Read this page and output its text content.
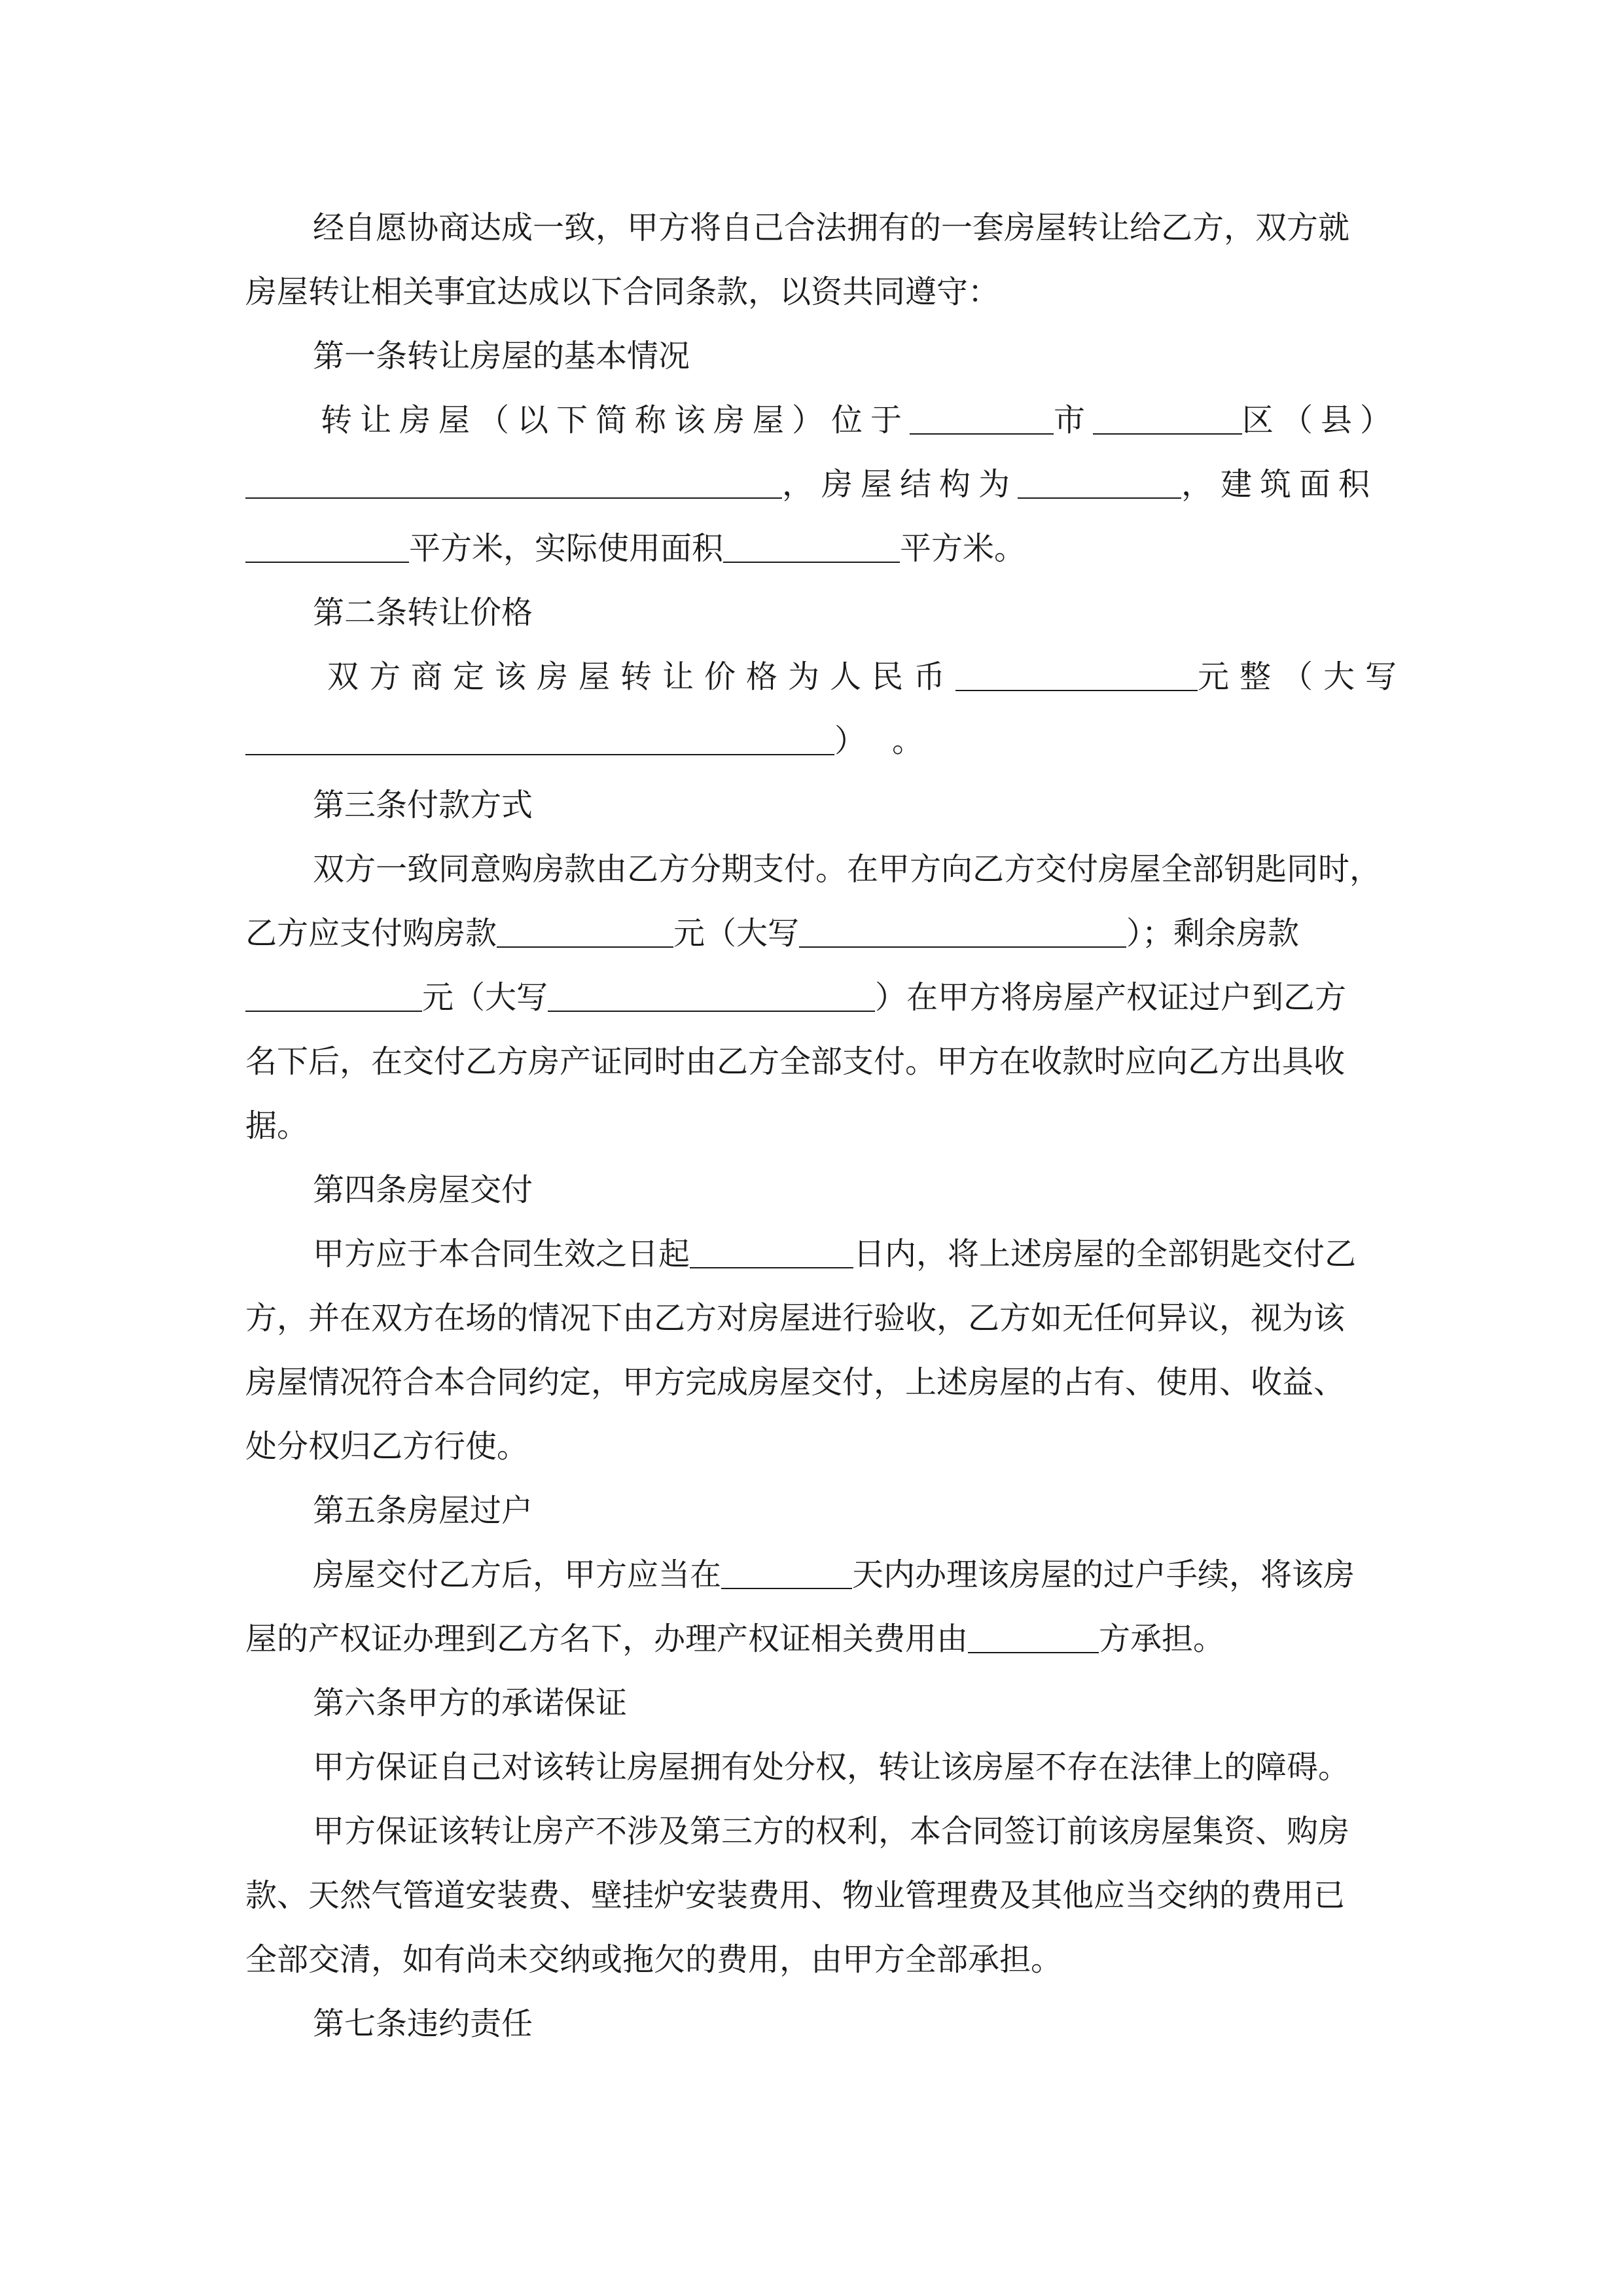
经自愿协商达成一致，甲方将自己合法拥有的一套房屋转让给乙方，双方就
房屋转让相关事宜达成以下合同条款，以资共同遵守：
第一条转让房屋的基本情况
转让房屋（以下简称该房屋）位于	市	区（县）
，房屋结构为	，建筑面积
平方米，实际使用面积	平方米。
第二条转让价格
双方商定该房屋转让价格为人民币	元整（大写
） 。
第三条付款方式
双方一致同意购房款由乙方分期支付。在甲方向乙方交付房屋全部钥匙同时，
乙方应支付购房款	元（大写	）；剩余房款
元（大写	）在甲方将房屋产权证过户到乙方
名下后，在交付乙方房产证同时由乙方全部支付。甲方在收款时应向乙方出具收
据。
第四条房屋交付
甲方应于本合同生效之日起	日内，将上述房屋的全部钥匙交付乙
方，并在双方在场的情况下由乙方对房屋进行验收，乙方如无任何异议，视为该
房屋情况符合本合同约定，甲方完成房屋交付，上述房屋的占有、使用、收益、
处分权归乙方行使。
第五条房屋过户
房屋交付乙方后，甲方应当在	天内办理该房屋的过户手续，将该房
屋的产权证办理到乙方名下，办理产权证相关费用由	方承担。
第六条甲方的承诺保证
甲方保证自己对该转让房屋拥有处分权，转让该房屋不存在法律上的障碍。
甲方保证该转让房产不涉及第三方的权利，本合同签订前该房屋集资、购房
款、天然气管道安装费、壁挂炉安装费用、物业管理费及其他应当交纳的费用已
全部交清，如有尚未交纳或拖欠的费用，由甲方全部承担。
第七条违约责任
